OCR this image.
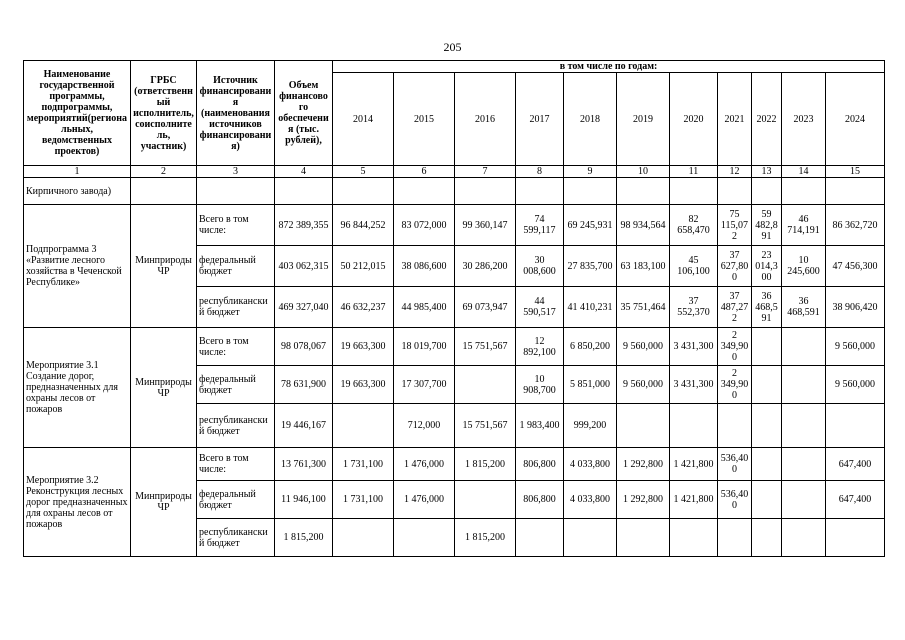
205
Наименование государственной программы, подпрограммы, мероприятий(региональных, ведомственных проектов)	ГРБС (ответственный исполнитель, соисполнитель, участник)	Источник финансирования (наименования источников финансирования)	Объем финансового обеспечения (тыс. рублей),	в том числе по годам:										
				2014	2015	2016	2017	2018	2019	2020	2021	2022	2023	2024
1	2	3	4	5	6	7	8	9	10	11	12	13	14	15
Кирпичного завода)														
Подпрограмма 3 «Развитие лесного хозяйства в Чеченской Республике»	Минприроды ЧР	Всего в том числе:	872 389,355	96 844,252	83 072,000	99 360,147	74 599,117	69 245,931	98 934,564	82 658,470	75 115,072	59 482,891	46 714,191	86 362,720
		федеральный бюджет	403 062,315	50 212,015	38 086,600	30 286,200	30 008,600	27 835,700	63 183,100	45 106,100	37 627,800	23 014,300	10 245,600	47 456,300
		республиканский бюджет	469 327,040	46 632,237	44 985,400	69 073,947	44 590,517	41 410,231	35 751,464	37 552,370	37 487,272	36 468,591	36 468,591	38 906,420
Мероприятие 3.1 Создание дорог, предназначенных для охраны лесов от пожаров	Минприроды ЧР	Всего в том числе:	98 078,067	19 663,300	18 019,700	15 751,567	12 892,100	6 850,200	9 560,000	3 431,300	2 349,900			9 560,000
		федеральный бюджет	78 631,900	19 663,300	17 307,700		10 908,700	5 851,000	9 560,000	3 431,300	2 349,900			9 560,000
		республиканский бюджет	19 446,167		712,000	15 751,567	1 983,400	999,200						
Мероприятие 3.2 Реконструкция лесных дорог предназначенных для охраны лесов от пожаров	Минприроды ЧР	Всего в том числе:	13 761,300	1 731,100	1 476,000	1 815,200	806,800	4 033,800	1 292,800	1 421,800	536,400			647,400
		федеральный бюджет	11 946,100	1 731,100	1 476,000		806,800	4 033,800	1 292,800	1 421,800	536,400			647,400
		республиканский бюджет	1 815,200			1 815,200								
